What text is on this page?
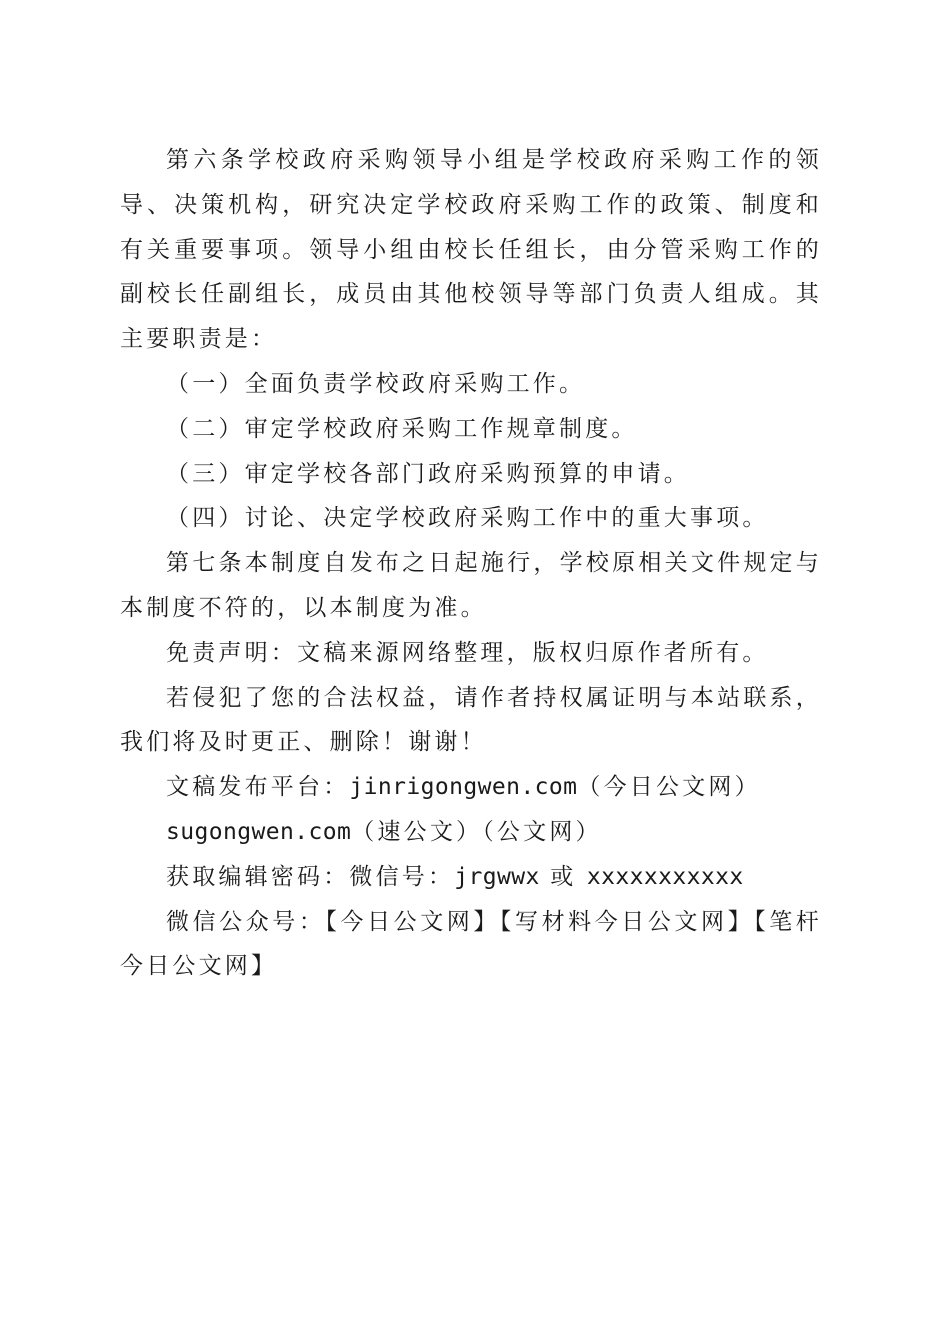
第六条学校政府采购领导小组是学校政府采购工作的领导、决策机构，研究决定学校政府采购工作的政策、制度和有关重要事项。领导小组由校长任组长，由分管采购工作的副校长任副组长，成员由其他校领导等部门负责人组成。其主要职责是：

（一）全面负责学校政府采购工作。

（二）审定学校政府采购工作规章制度。

（三）审定学校各部门政府采购预算的申请。

（四）讨论、决定学校政府采购工作中的重大事项。

第七条本制度自发布之日起施行，学校原相关文件规定与本制度不符的，以本制度为准。

免责声明：文稿来源网络整理，版权归原作者所有。

若侵犯了您的合法权益，请作者持权属证明与本站联系，我们将及时更正、删除！谢谢！

文稿发布平台：jinrigongwen.com（今日公文网）

sugongwen.com（速公文）（公文网）

获取编辑密码：微信号：jrgwwx 或 xxxxxxxxxxx

微信公众号：【今日公文网】【写材料今日公文网】【笔杆今日公文网】
